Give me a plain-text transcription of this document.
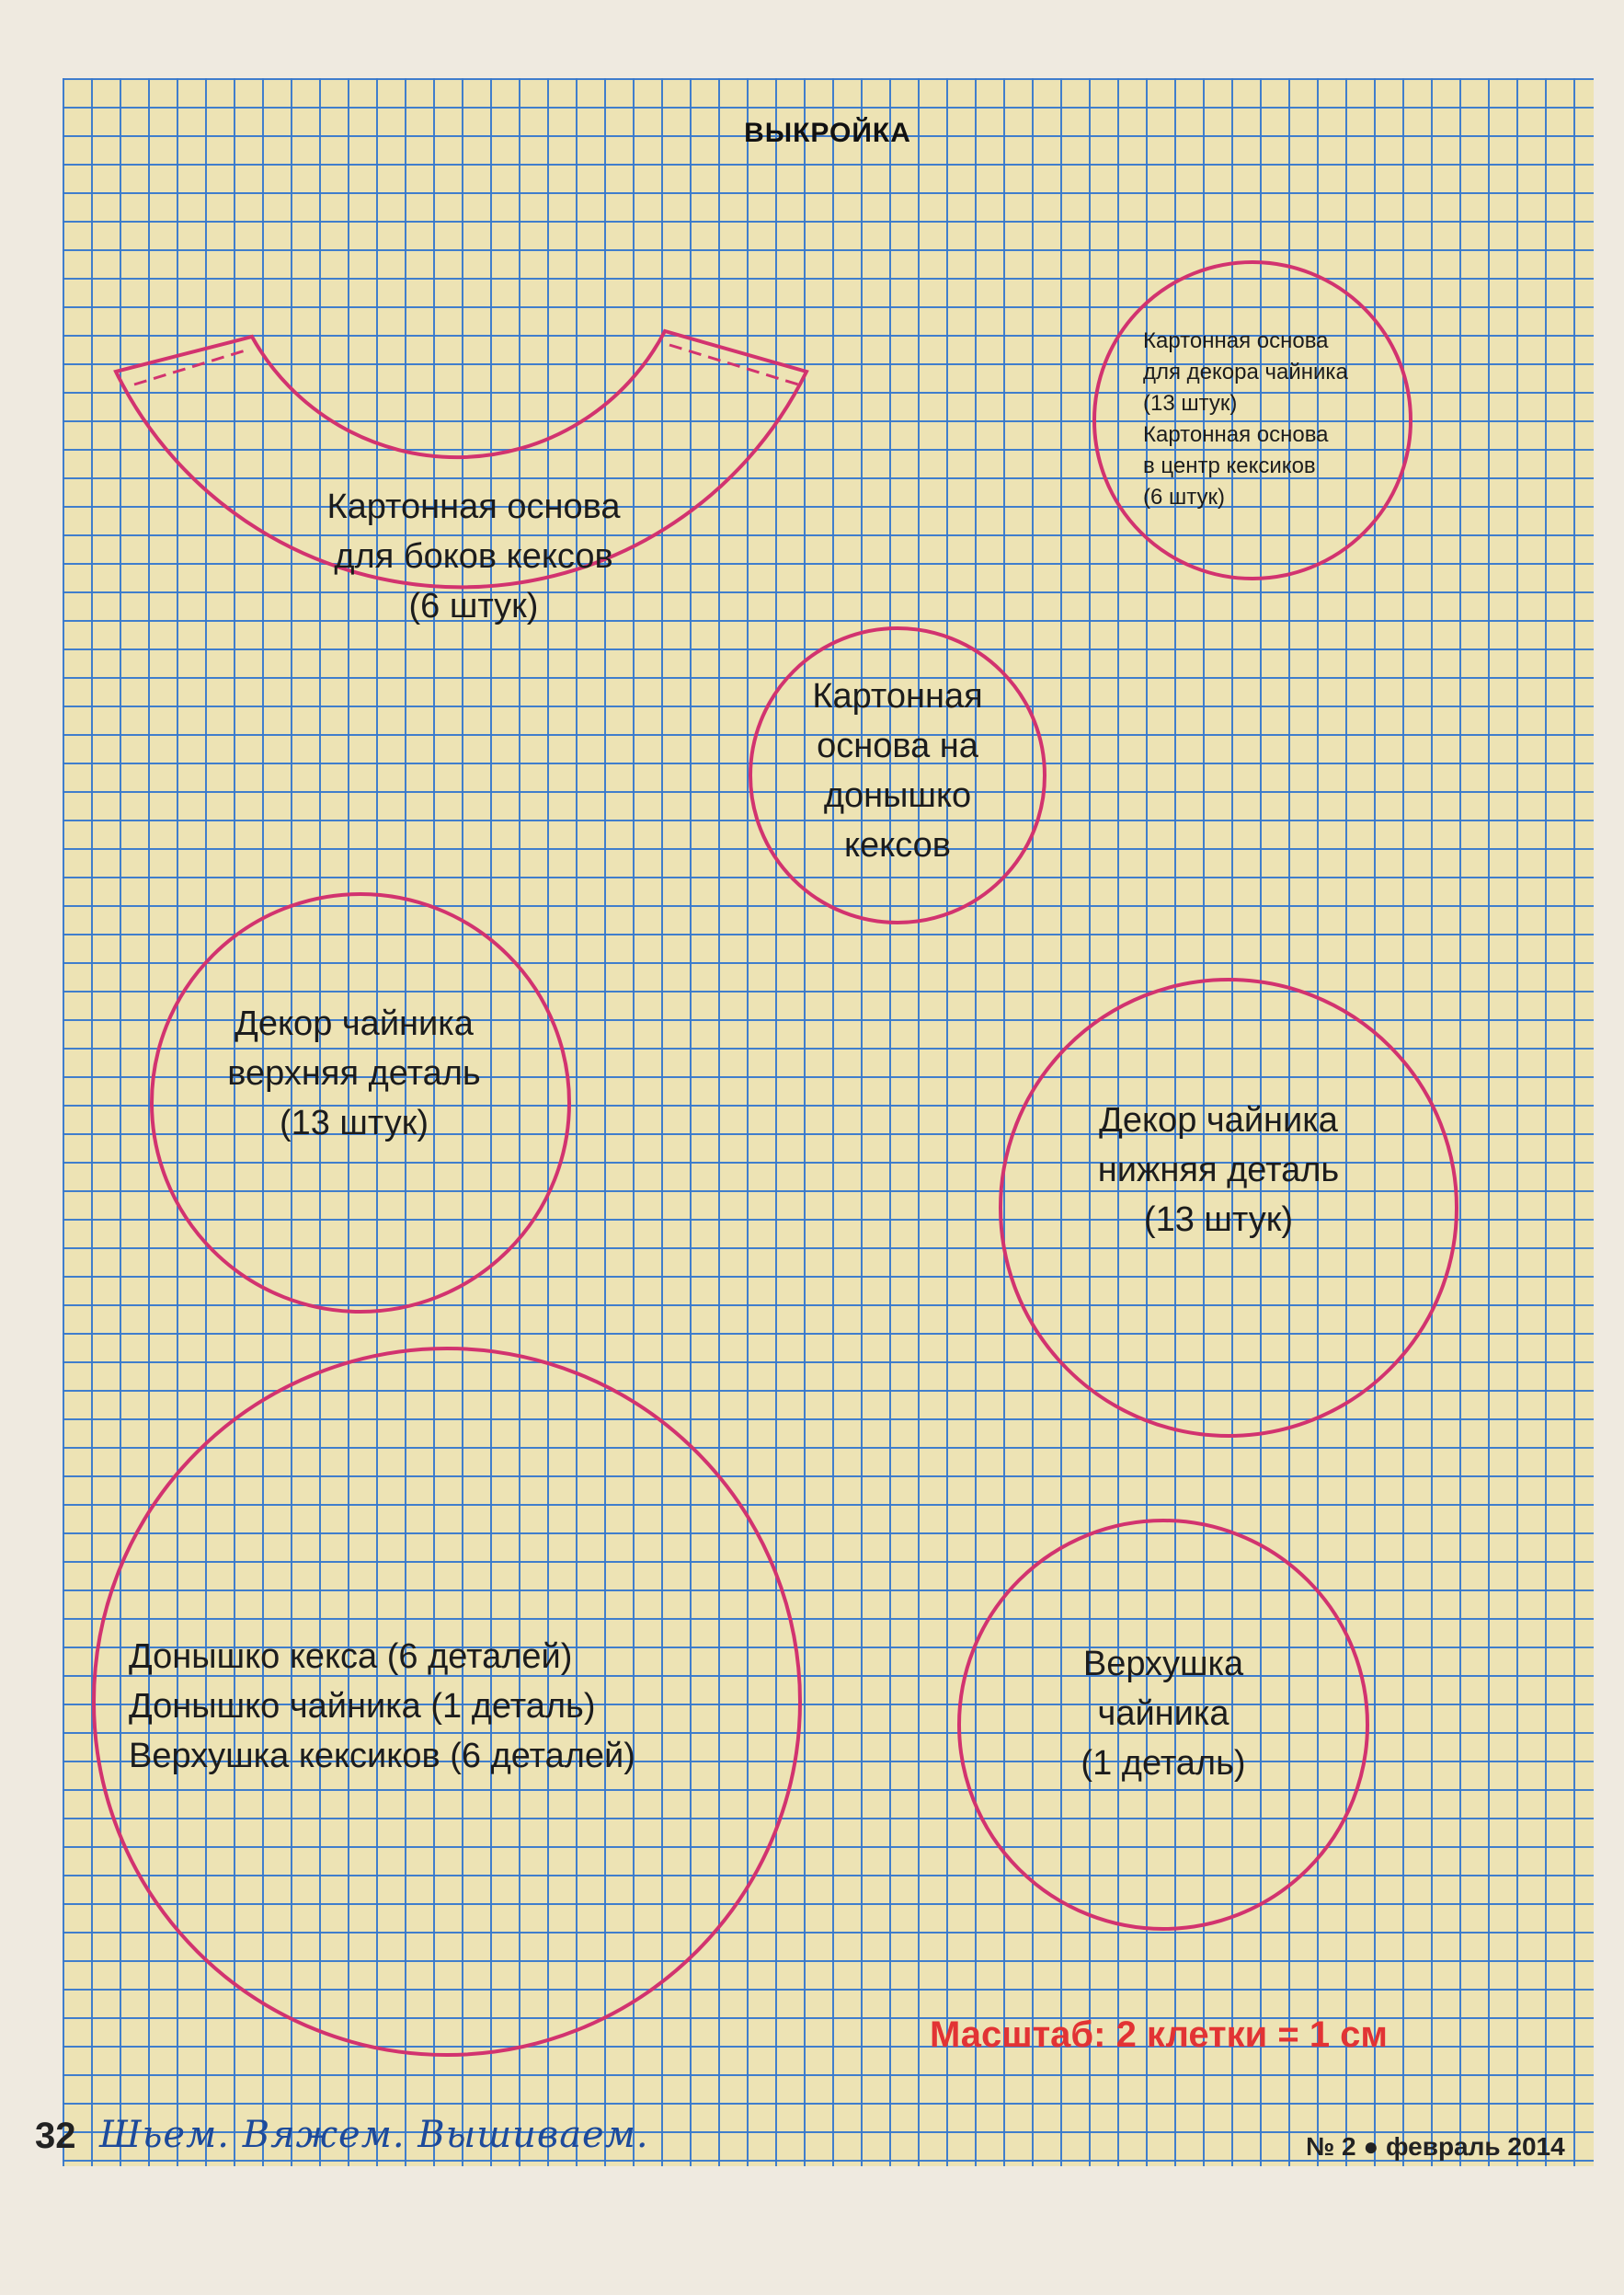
ВЫКРОЙКА
Картонная основа
для боков кексов
(6 штук)
Картонная основа
для декора чайника
(13 штук)
Картонная основа
в центр кексиков
(6 штук)
Картонная
основа на
донышко
кексов
Декор чайника
верхняя деталь
(13 штук)	Декор чайника
нижняя деталь
(13 штук)
Донышко кекса (6 деталей)
Донышко чайника (1 деталь)
Верхушка кексиков (6 деталей)
Верхушка
чайника
(1 деталь)
Масштаб: 2 клетки = 1 см
32 Шьем. Вяжем. Вышиваем.	№ 2 ● февраль 2014
